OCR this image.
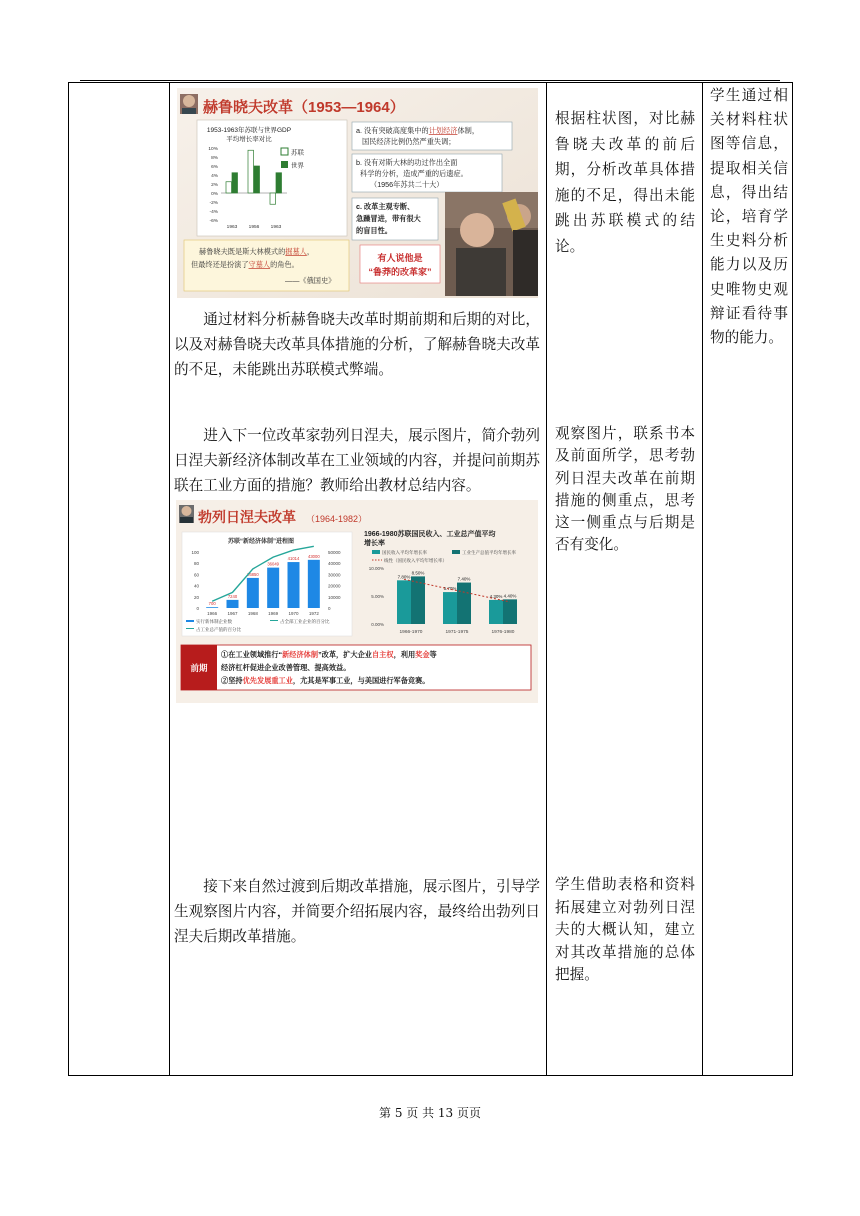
赫鲁晓夫改革（1953—1964）
1953-1963年苏联与世界GDP
平均增长率对比
10%
8%
6%
4%
2%
0%
-2%
-4%
-6%
1963 1956 1963
苏联
世界
a. 没有突破高度集中的计划经济体制，
国民经济比例仍然严重失调；
b. 没有对斯大林的功过作出全面
科学的分析，造成严重的后遗症。
（1956年苏共二十大）
c. 改革主观专断、
急躁冒进，带有很大
的盲目性。
赫鲁晓夫既是斯大林模式的掘墓人，
但最终还是扮演了守墓人的角色。
——《俄国史》
有人说他是
“鲁莽的改革家”
通过材料分析赫鲁晓夫改革时期前期和后期的对比，以及对赫鲁晓夫改革具体措施的分析，了解赫鲁晓夫改革的不足，未能跳出苏联模式弊端。
根据柱状图，对比赫鲁晓夫改革的前后期，分析改革具体措施的不足，得出未能跳出苏联模式的结论。
学生通过相关材料柱状图等信息，提取相关信息，得出结论，培育学生史料分析能力以及历史唯物史观辩证看待事物的能力。
进入下一位改革家勃列日涅夫，展示图片，简介勃列日涅夫新经济体制改革在工业领域的内容，并提问前期苏联在工业方面的措施？教师给出教材总结内容。
观察图片，联系书本及前面所学，思考勃列日涅夫改革在前期措施的侧重点，思考这一侧重点与后期是否有变化。
勃列日涅夫改革 （1964-1982）
苏联“新经济体制”进程图
100
80
60
40
20
0
50000
40000
30000
20000
10000
0
700
7240
26850
36049
41014 43000
1966 1967 1968 1969 1970 1972
实行新体制企业数	占全部工业企业的百分比
占工业总产值的百分比
1966-1980苏联国民收入、工业总产值平均
增长率
国民收入平均年增长率	工业生产总值平均年增长率
线性（国民收入平均年增长率）
10.00%
5.00%
0.00%
7.80%
8.50%
5.70%
7.40%
4.30% 4.40%
1966-1970	1971-1975	1976-1980
前期
①在工业领域推行“新经济体制”改革，扩大企业自主权，利用奖金等
经济杠杆促进企业改善管理、提高效益。
②坚持优先发展重工业，尤其是军事工业，与美国进行军备竞赛。
接下来自然过渡到后期改革措施，展示图片，引导学生观察图片内容，并简要介绍拓展内容，最终给出勃列日涅夫后期改革措施。
学生借助表格和资料拓展建立对勃列日涅夫的大概认知，建立对其改革措施的总体把握。
第 5 页 共 13 页页
